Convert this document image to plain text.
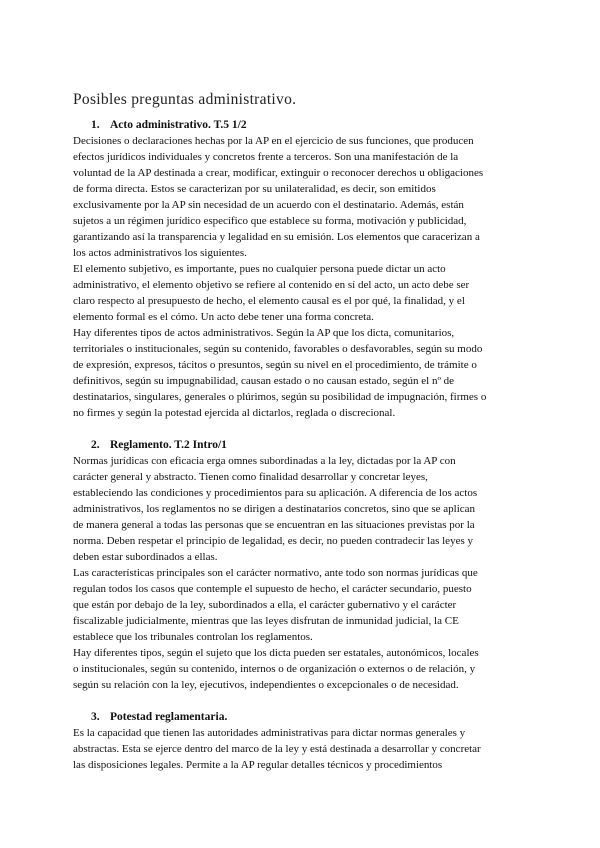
Posibles preguntas administrativo.
1. Acto administrativo. T.5 1/2

Decisiones o declaraciones hechas por la AP en el ejercicio de sus funciones, que producen
efectos jurídicos individuales y concretos frente a terceros. Son una manifestación de la
voluntad de la AP destinada a crear, modificar, extinguir o reconocer derechos u obligaciones
de forma directa. Estos se caracterizan por su unilateralidad, es decir, son emitidos
exclusivamente por la AP sin necesidad de un acuerdo con el destinatario. Además, están
sujetos a un régimen jurídico específico que establece su forma, motivación y publicidad,
garantizando así la transparencia y legalidad en su emisión. Los elementos que caracerizan a
los actos administrativos los siguientes.

El elemento subjetivo, es importante, pues no cualquier persona puede dictar un acto
administrativo, el elemento objetivo se refiere al contenido en sí del acto, un acto debe ser
claro respecto al presupuesto de hecho, el elemento causal es el por qué, la finalidad, y el
elemento formal es el cómo. Un acto debe tener una forma concreta.

Hay diferentes tipos de actos administrativos. Según la AP que los dicta, comunitarios,
territoriales o institucionales, según su contenido, favorables o desfavorables, según su modo
de expresión, expresos, tácitos o presuntos, según su nivel en el procedimiento, de trámite o
definitivos, según su impugnabilidad, causan estado o no causan estado, según el nº de
destinatarios, singulares, generales o plúrimos, según su posibilidad de impugnación, firmes o
no firmes y según la potestad ejercida al dictarlos, reglada o discrecional.

2. Reglamento. T.2 Intro/1

Normas jurídicas con eficacia erga omnes subordinadas a la ley, dictadas por la AP con
carácter general y abstracto. Tienen como finalidad desarrollar y concretar leyes,
estableciendo las condiciones y procedimientos para su aplicación. A diferencia de los actos
administrativos, los reglamentos no se dirigen a destinatarios concretos, sino que se aplican
de manera general a todas las personas que se encuentran en las situaciones previstas por la
norma. Deben respetar el principio de legalidad, es decir, no pueden contradecir las leyes y
deben estar subordinados a ellas.

Las características principales son el carácter normativo, ante todo son normas jurídicas que
regulan todos los casos que contemple el supuesto de hecho, el carácter secundario, puesto
que están por debajo de la ley, subordinados a ella, el carácter gubernativo y el carácter
fiscalizable judicialmente, mientras que las leyes disfrutan de inmunidad judicial, la CE
establece que los tribunales controlan los reglamentos.

Hay diferentes tipos, según el sujeto que los dicta pueden ser estatales, autonómicos, locales
o institucionales, según su contenido, internos o de organización o externos o de relación, y
según su relación con la ley, ejecutivos, independientes o excepcionales o de necesidad.

3. Potestad reglamentaria.

Es la capacidad que tienen las autoridades administrativas para dictar normas generales y
abstractas. Esta se ejerce dentro del marco de la ley y está destinada a desarrollar y concretar
las disposiciones legales. Permite a la AP regular detalles técnicos y procedimientos
